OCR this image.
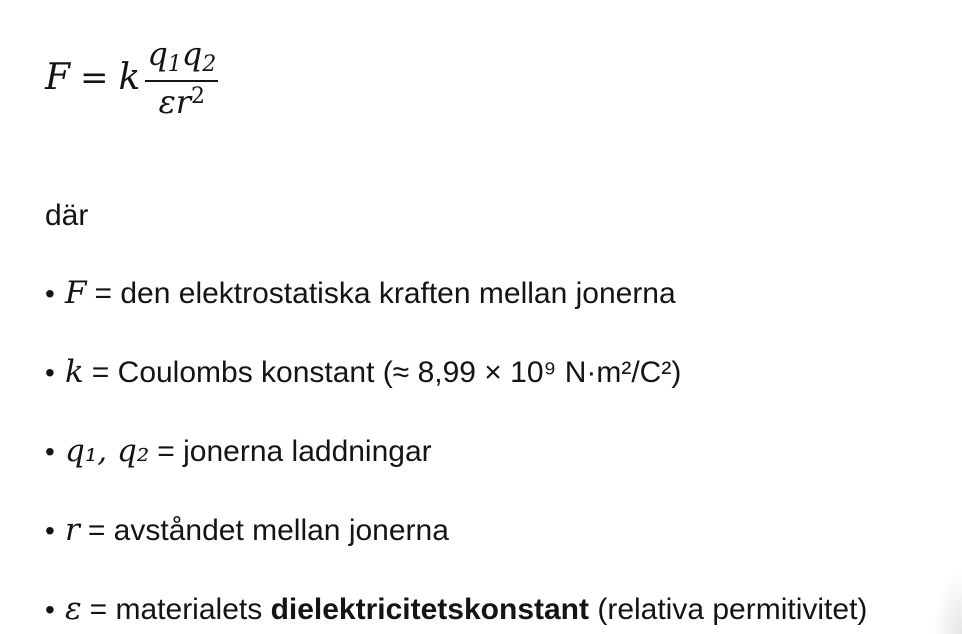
F = k $\frac{q1q2}{\varepsilon r^2}$

där

• F = den elektrostatiska kraften mellan jonerna
• k = Coulombs konstant (≈ 8,99 × 10⁹ N·m²/C²)
• q₁, q₂ = jonerna laddningar
• r = avståndet mellan jonerna
• ε = materialets dielektricitetskonstant (relativa permitivitet)
